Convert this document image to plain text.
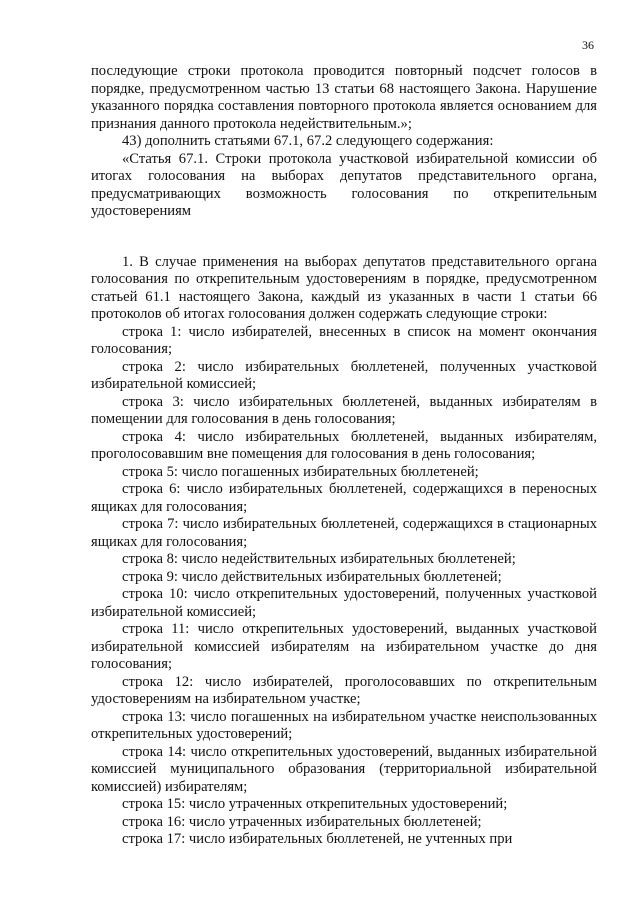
36

последующие строки протокола проводится повторный подсчет голосов в порядке, предусмотренном частью 13 статьи 68 настоящего Закона. Нарушение указанного порядка составления повторного протокола является основанием для признания данного протокола недействительным.»;

43) дополнить статьями 67.1, 67.2 следующего содержания:

«Статья 67.1. Строки протокола участковой избирательной комиссии об итогах голосования на выборах депутатов представительного органа, предусматривающих возможность голосования по открепительным удостоверениям

1. В случае применения на выборах депутатов представительного органа голосования по открепительным удостоверениям в порядке, предусмотренном статьей 61.1 настоящего Закона, каждый из указанных в части 1 статьи 66 протоколов об итогах голосования должен содержать следующие строки:

строка 1: число избирателей, внесенных в список на момент окончания голосования;

строка 2: число избирательных бюллетеней, полученных участковой избирательной комиссией;

строка 3: число избирательных бюллетеней, выданных избирателям в помещении для голосования в день голосования;

строка 4: число избирательных бюллетеней, выданных избирателям, проголосовавшим вне помещения для голосования в день голосования;

строка 5: число погашенных избирательных бюллетеней;

строка 6: число избирательных бюллетеней, содержащихся в переносных ящиках для голосования;

строка 7: число избирательных бюллетеней, содержащихся в стационарных ящиках для голосования;

строка 8: число недействительных избирательных бюллетеней;

строка 9: число действительных избирательных бюллетеней;

строка 10: число открепительных удостоверений, полученных участковой избирательной комиссией;

строка 11: число открепительных удостоверений, выданных участковой избирательной комиссией избирателям на избирательном участке до дня голосования;

строка 12: число избирателей, проголосовавших по открепительным удостоверениям на избирательном участке;

строка 13: число погашенных на избирательном участке неиспользованных открепительных удостоверений;

строка 14: число открепительных удостоверений, выданных избирательной комиссией муниципального образования (территориальной избирательной комиссией) избирателям;

строка 15: число утраченных открепительных удостоверений;

строка 16: число утраченных избирательных бюллетеней;

строка 17: число избирательных бюллетеней, не учтенных при
